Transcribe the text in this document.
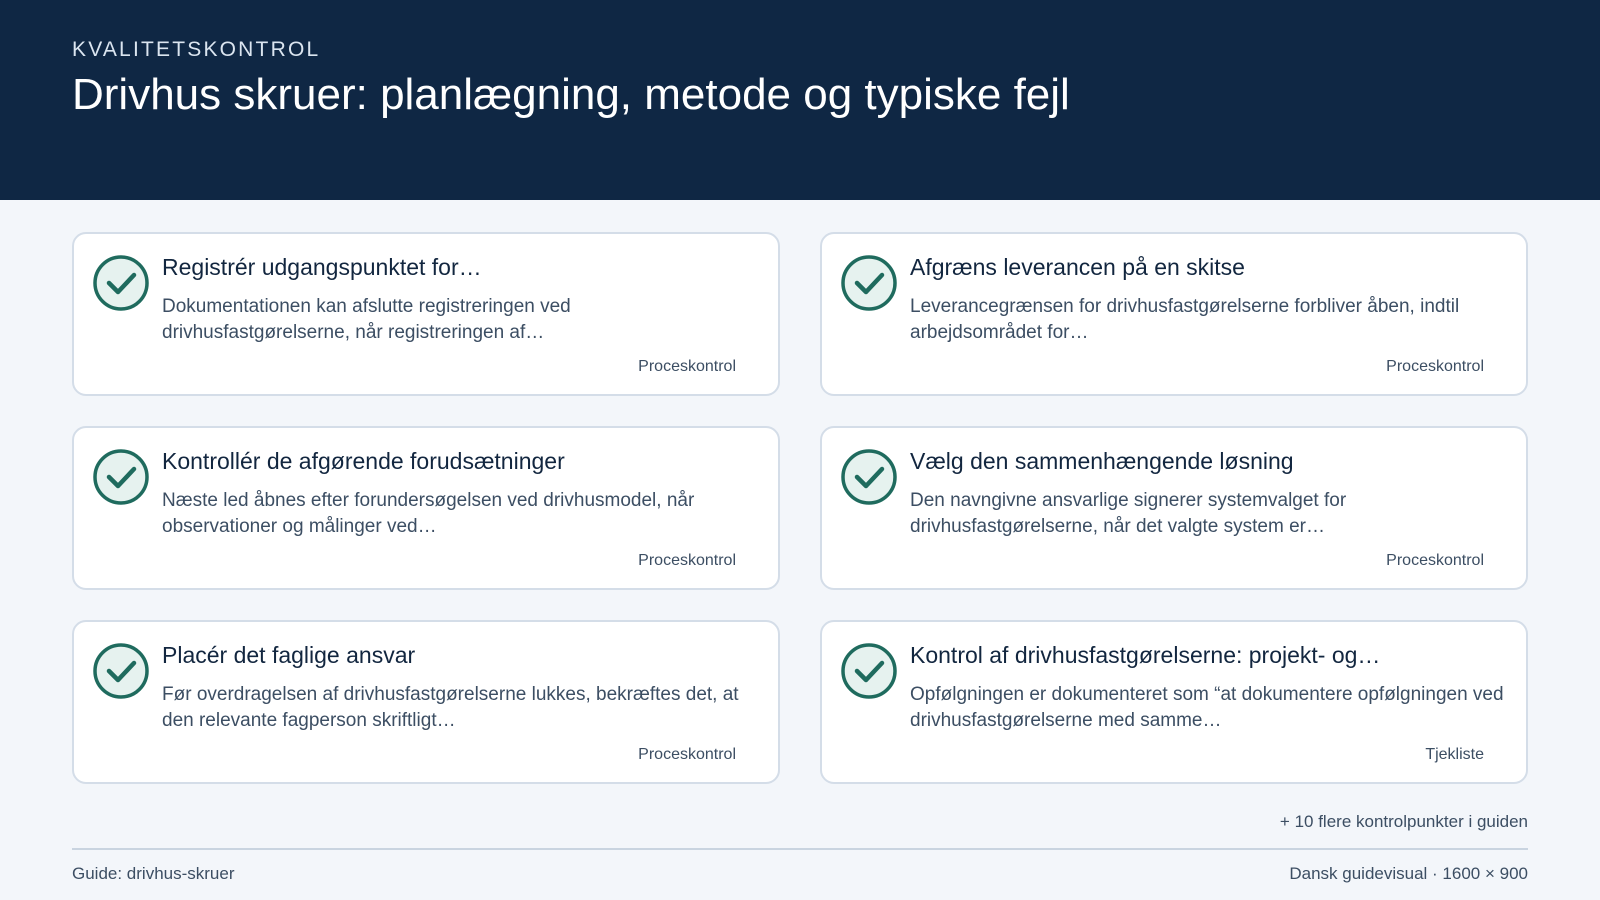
KVALITETSKONTROL
Drivhus skruer: planlægning, metode og typiske fejl
Registrér udgangspunktet for…
Dokumentationen kan afslutte registreringen ved drivhusfastgørelserne, når registreringen af…
Proceskontrol
Afgræns leverancen på en skitse
Leverancegrænsen for drivhusfastgørelserne forbliver åben, indtil arbejdsområdet for…
Proceskontrol
Kontrollér de afgørende forudsætninger
Næste led åbnes efter forundersøgelsen ved drivhusmodel, når observationer og målinger ved…
Proceskontrol
Vælg den sammenhængende løsning
Den navngivne ansvarlige signerer systemvalget for drivhusfastgørelserne, når det valgte system er…
Proceskontrol
Placér det faglige ansvar
Før overdragelsen af drivhusfastgørelserne lukkes, bekræftes det, at den relevante fagperson skriftligt…
Proceskontrol
Kontrol af drivhusfastgørelserne: projekt- og…
Opfølgningen er dokumenteret som “at dokumentere opfølgningen ved drivhusfastgørelserne med samme…
Tjekliste
+ 10 flere kontrolpunkter i guiden
Guide: drivhus-skruer	Dansk guidevisual · 1600 × 900
